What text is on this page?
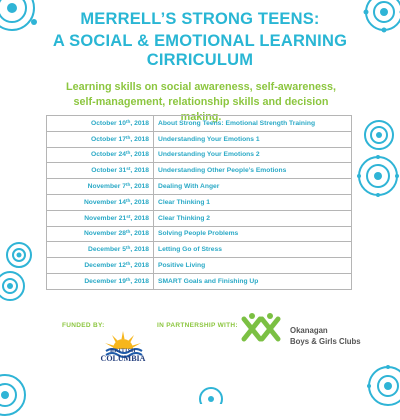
MERRELL’S STRONG TEENS:
A SOCIAL & EMOTIONAL LEARNING CIRRICULUM

Learning skills on social awareness, self-awareness, self-management, relationship skills and decision making.

October 10th, 2018	About Strong Teens: Emotional Strength Training
October 17th, 2018	Understanding Your Emotions 1
October 24th, 2018	Understanding Your Emotions 2
October 31st, 2018	Understanding Other People’s Emotions
November 7th, 2018	Dealing With Anger
November 14th, 2018	Clear Thinking 1
November 21st, 2018	Clear Thinking 2
November 28th, 2018	Solving People Problems
December 5th, 2018	Letting Go of Stress
December 12th, 2018	Positive Living
December 19th, 2018	SMART Goals and Finishing Up

FUNDED BY:

BRITISH

COLUMBIA

IN PARTNERSHIP WITH:

Okanagan

Boys & Girls Clubs
